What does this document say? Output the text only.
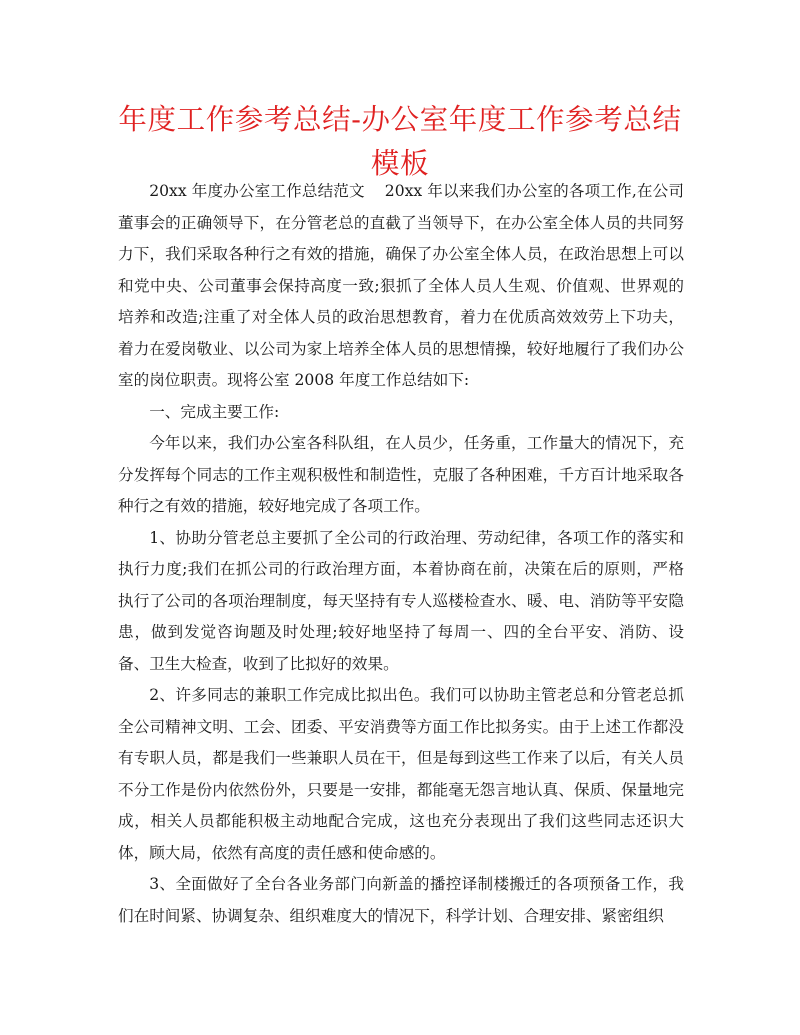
年度工作参考总结-办公室年度工作参考总结模板

20xx 年度办公室工作总结范文 20xx 年以来我们办公室的各项工作,在公司董事会的正确领导下，在分管老总的直截了当领导下，在办公室全体人员的共同努力下，我们采取各种行之有效的措施，确保了办公室全体人员，在政治思想上可以和党中央、公司董事会保持高度一致;狠抓了全体人员人生观、价值观、世界观的培养和改造;注重了对全体人员的政治思想教育，着力在优质高效效劳上下功夫，着力在爱岗敬业、以公司为家上培养全体人员的思想情操，较好地履行了我们办公室的岗位职责。现将公室 2008 年度工作总结如下:

一、完成主要工作:

今年以来，我们办公室各科队组，在人员少，任务重，工作量大的情况下，充分发挥每个同志的工作主观积极性和制造性，克服了各种困难，千方百计地采取各种行之有效的措施，较好地完成了各项工作。

1、协助分管老总主要抓了全公司的行政治理、劳动纪律，各项工作的落实和执行力度;我们在抓公司的行政治理方面，本着协商在前，决策在后的原则，严格执行了公司的各项治理制度，每天坚持有专人巡楼检查水、暖、电、消防等平安隐患，做到发觉咨询题及时处理;较好地坚持了每周一、四的全台平安、消防、设备、卫生大检查，收到了比拟好的效果。

2、许多同志的兼职工作完成比拟出色。我们可以协助主管老总和分管老总抓全公司精神文明、工会、团委、平安消费等方面工作比拟务实。由于上述工作都没有专职人员，都是我们一些兼职人员在干，但是每到这些工作来了以后，有关人员不分工作是份内依然份外，只要是一安排，都能毫无怨言地认真、保质、保量地完成，相关人员都能积极主动地配合完成，这也充分表现出了我们这些同志还识大体，顾大局，依然有高度的责任感和使命感的。

3、全面做好了全台各业务部门向新盖的播控译制楼搬迁的各项预备工作，我们在时间紧、协调复杂、组织难度大的情况下，科学计划、合理安排、紧密组织
